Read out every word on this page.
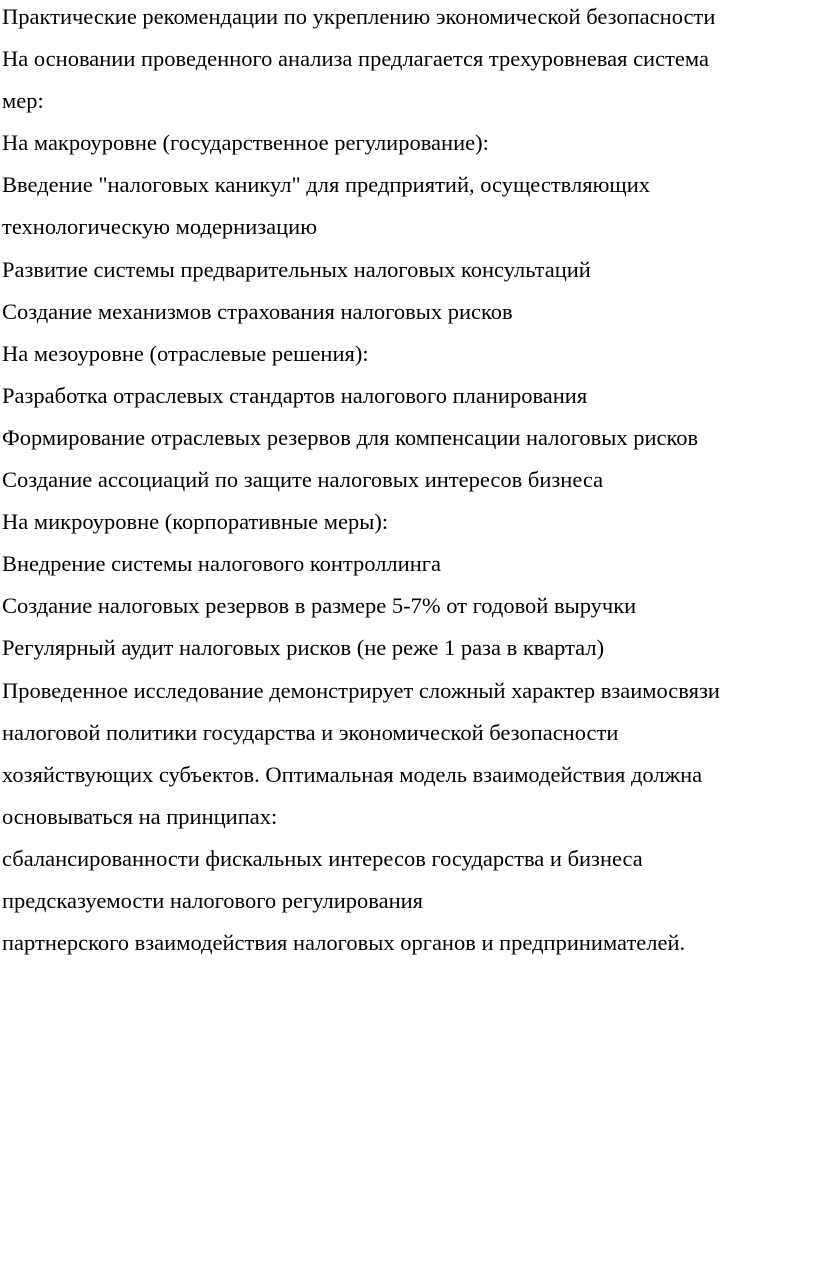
Практические рекомендации по укреплению экономической безопасности

На основании проведенного анализа предлагается трехуровневая система

мер:

На макроуровне (государственное регулирование):

Введение "налоговых каникул" для предприятий, осуществляющих

технологическую модернизацию

Развитие системы предварительных налоговых консультаций

Создание механизмов страхования налоговых рисков

На мезоуровне (отраслевые решения):

Разработка отраслевых стандартов налогового планирования

Формирование отраслевых резервов для компенсации налоговых рисков

Создание ассоциаций по защите налоговых интересов бизнеса

На микроуровне (корпоративные меры):

Внедрение системы налогового контроллинга

Создание налоговых резервов в размере 5-7% от годовой выручки

Регулярный аудит налоговых рисков (не реже 1 раза в квартал)

Проведенное исследование демонстрирует сложный характер взаимосвязи

налоговой политики государства и экономической безопасности

хозяйствующих субъектов. Оптимальная модель взаимодействия должна

основываться на принципах:

сбалансированности фискальных интересов государства и бизнеса

предсказуемости налогового регулирования

партнерского взаимодействия налоговых органов и предпринимателей.
